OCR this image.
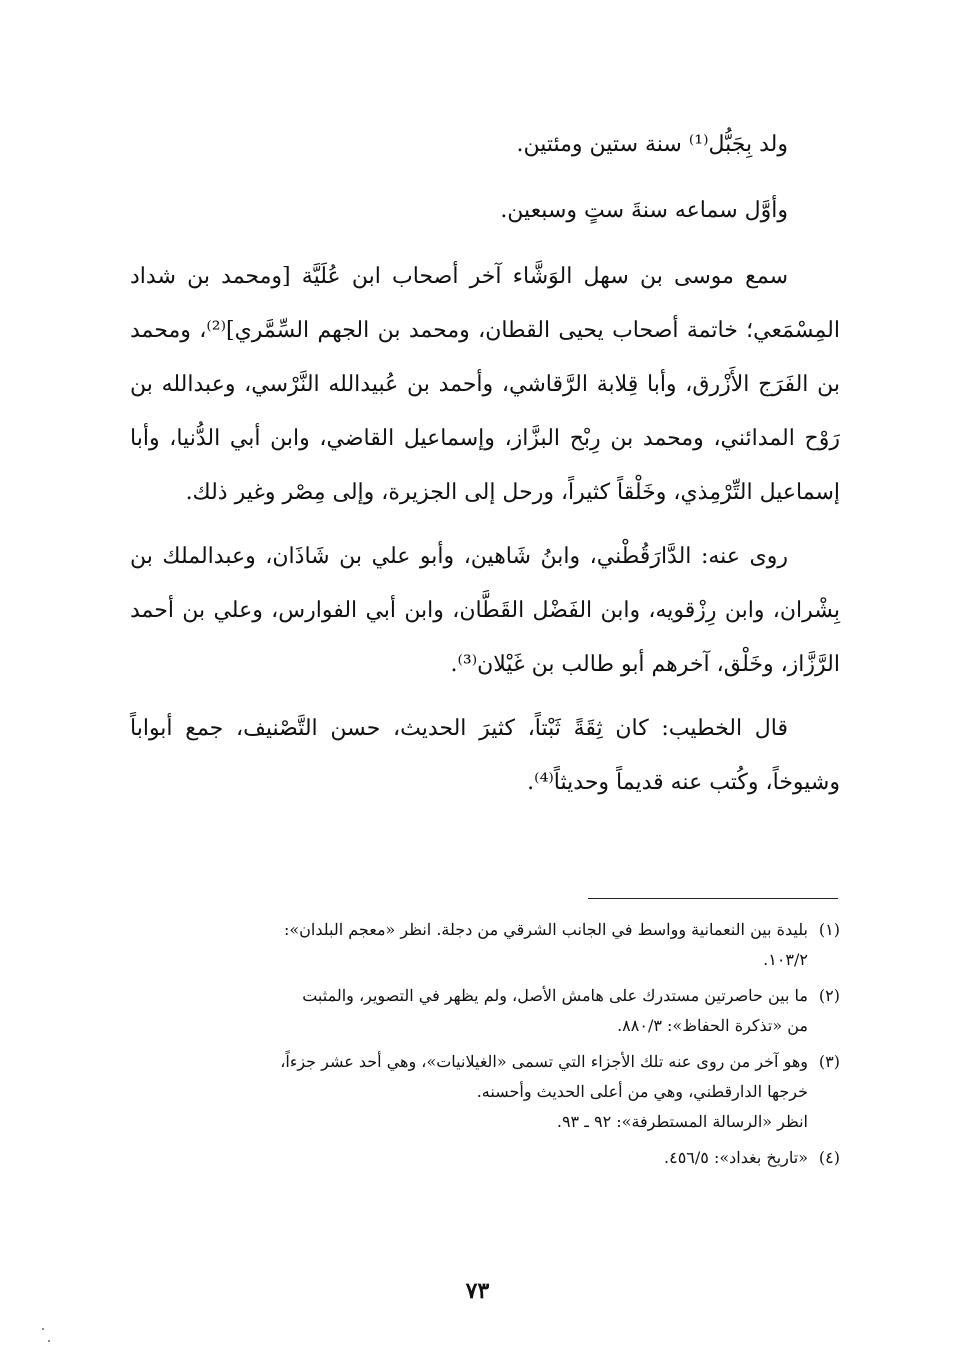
ولد بِجَبُّل⁽¹⁾ سنة ستين ومئتين.

وأوَّل سماعه سنةَ ستٍ وسبعين.

سمع موسى بن سهل الوَشَّاء آخر أصحاب ابن عُلَيَّة [ومحمد بن شداد المِسْمَعي؛ خاتمة أصحاب يحيى القطان، ومحمد بن الجهم السِّمَّري]⁽²⁾، ومحمد بن الفَرَج الأَزْرق، وأبا قِلابة الرَّقاشي، وأحمد بن عُبيدالله النَّرْسي، وعبدالله بن رَوْح المدائني، ومحمد بن رِبْح البزَّاز، وإسماعيل القاضي، وابن أبي الدُّنيا، وأبا إسماعيل التِّرْمِذي، وخَلْقاً كثيراً، ورحل إلى الجزيرة، وإلى مِصْر وغير ذلك.

روى عنه: الدَّارَقُطْني، وابنُ شَاهين، وأبو علي بن شَاذَان، وعبدالملك بن بِشْران، وابن رِزْقويه، وابن الفَضْل القَطَّان، وابن أبي الفوارس، وعلي بن أحمد الرَّزَّاز، وخَلْق، آخرهم أبو طالب بن غَيْلان⁽³⁾.

قال الخطيب: كان ثِقَةً ثَبْتاً، كثيرَ الحديث، حسن التَّصْنيف، جمع أبواباً وشيوخاً، وكُتب عنه قديماً وحديثاً⁽⁴⁾.

(١)
بليدة بين النعمانية وواسط في الجانب الشرقي من دجلة. انظر «معجم البلدان»:
١٠٣/٢.
(٢)
ما بين حاصرتين مستدرك على هامش الأصل، ولم يظهر في التصوير، والمثبت
من «تذكرة الحفاظ»: ٨٨٠/٣.
(٣)
وهو آخر من روى عنه تلك الأجزاء التي تسمى «الغيلانيات»، وهي أحد عشر جزءاً،
خرجها الدارقطني، وهي من أعلى الحديث وأحسنه.
انظر «الرسالة المستطرفة»: ٩٢ ـ ٩٣.
(٤)
«تاريخ بغداد»: ٤٥٦/٥.
٧٣
